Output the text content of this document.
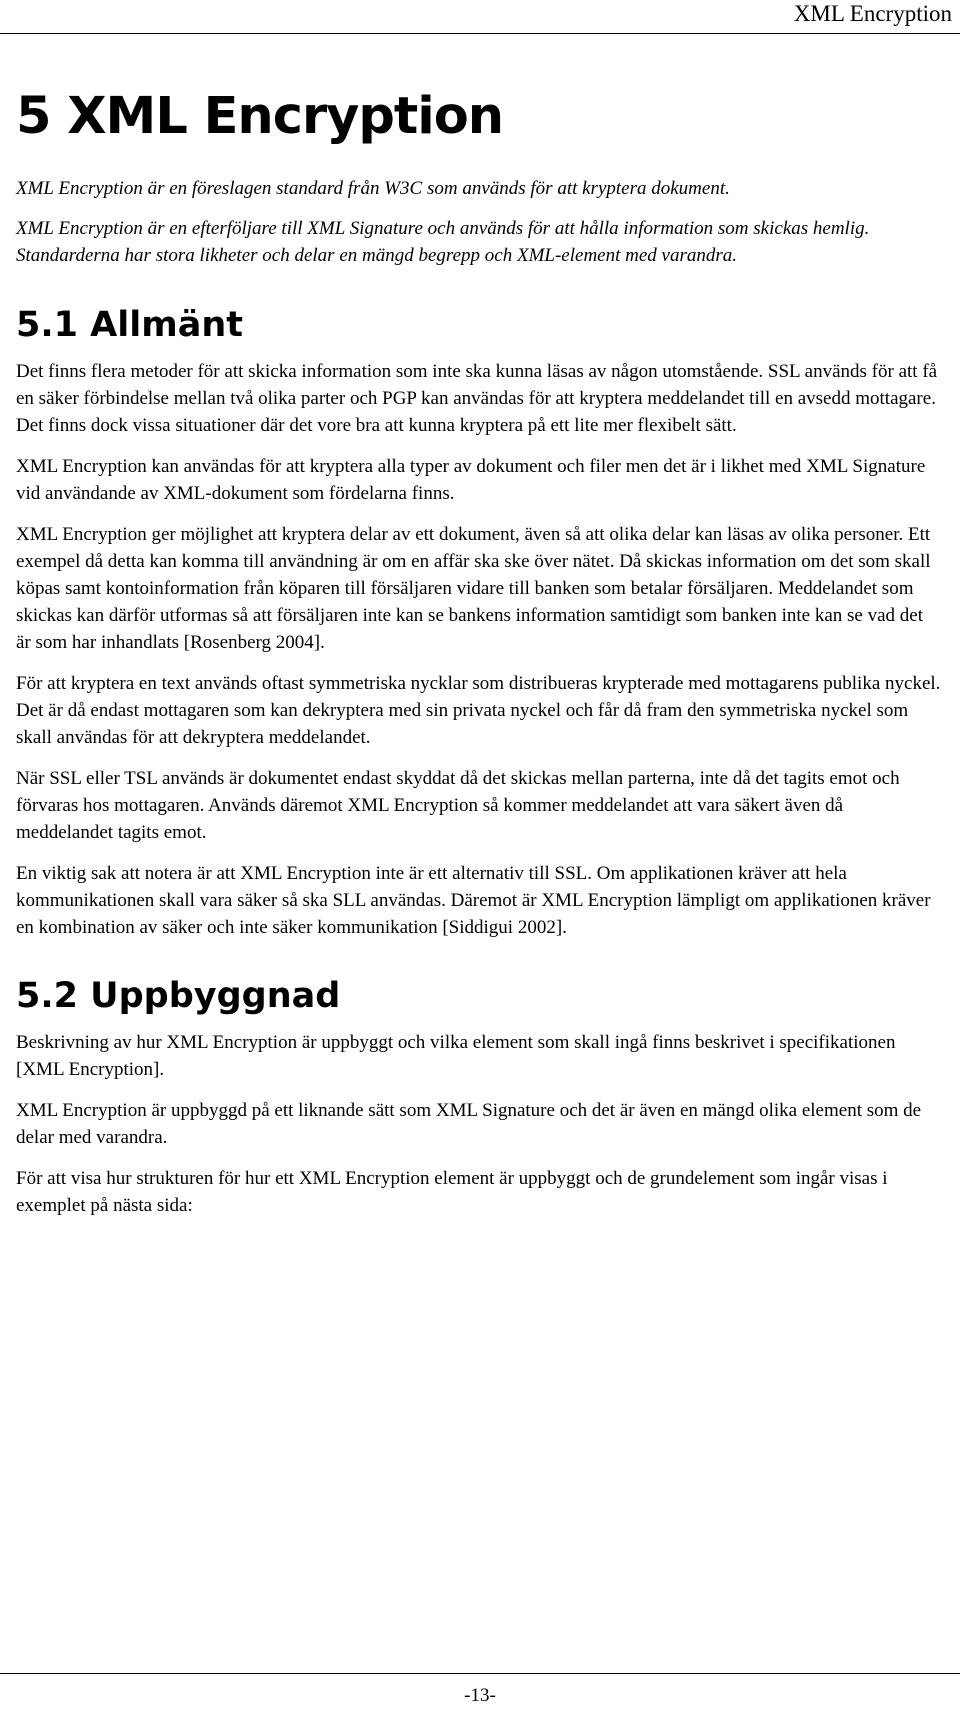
XML Encryption
5 XML Encryption

XML Encryption är en föreslagen standard från W3C som används för att kryptera dokument.

XML Encryption är en efterföljare till XML Signature och används för att hålla information som skickas hemlig. Standarderna har stora likheter och delar en mängd begrepp och XML-element med varandra.

5.1 Allmänt

Det finns flera metoder för att skicka information som inte ska kunna läsas av någon utomstående. SSL används för att få en säker förbindelse mellan två olika parter och PGP kan användas för att kryptera meddelandet till en avsedd mottagare. Det finns dock vissa situationer där det vore bra att kunna kryptera på ett lite mer flexibelt sätt.

XML Encryption kan användas för att kryptera alla typer av dokument och filer men det är i likhet med XML Signature vid användande av XML-dokument som fördelarna finns.

XML Encryption ger möjlighet att kryptera delar av ett dokument, även så att olika delar kan läsas av olika personer. Ett exempel då detta kan komma till användning är om en affär ska ske över nätet. Då skickas information om det som skall köpas samt kontoinformation från köparen till försäljaren vidare till banken som betalar försäljaren. Meddelandet som skickas kan därför utformas så att försäljaren inte kan se bankens information samtidigt som banken inte kan se vad det är som har inhandlats [Rosenberg 2004].

För att kryptera en text används oftast symmetriska nycklar som distribueras krypterade med mottagarens publika nyckel. Det är då endast mottagaren som kan dekryptera med sin privata nyckel och får då fram den symmetriska nyckel som skall användas för att dekryptera meddelandet.

När SSL eller TSL används är dokumentet endast skyddat då det skickas mellan parterna, inte då det tagits emot och förvaras hos mottagaren. Används däremot XML Encryption så kommer meddelandet att vara säkert även då meddelandet tagits emot.

En viktig sak att notera är att XML Encryption inte är ett alternativ till SSL. Om applikationen kräver att hela kommunikationen skall vara säker så ska SLL användas. Däremot är XML Encryption lämpligt om applikationen kräver en kombination av säker och inte säker kommunikation [Siddigui 2002].

5.2 Uppbyggnad

Beskrivning av hur XML Encryption är uppbyggt och vilka element som skall ingå finns beskrivet i specifikationen [XML Encryption].

XML Encryption är uppbyggd på ett liknande sätt som XML Signature och det är även en mängd olika element som de delar med varandra.

För att visa hur strukturen för hur ett XML Encryption element är uppbyggt och de grundelement som ingår visas i exemplet på nästa sida:

-13-
